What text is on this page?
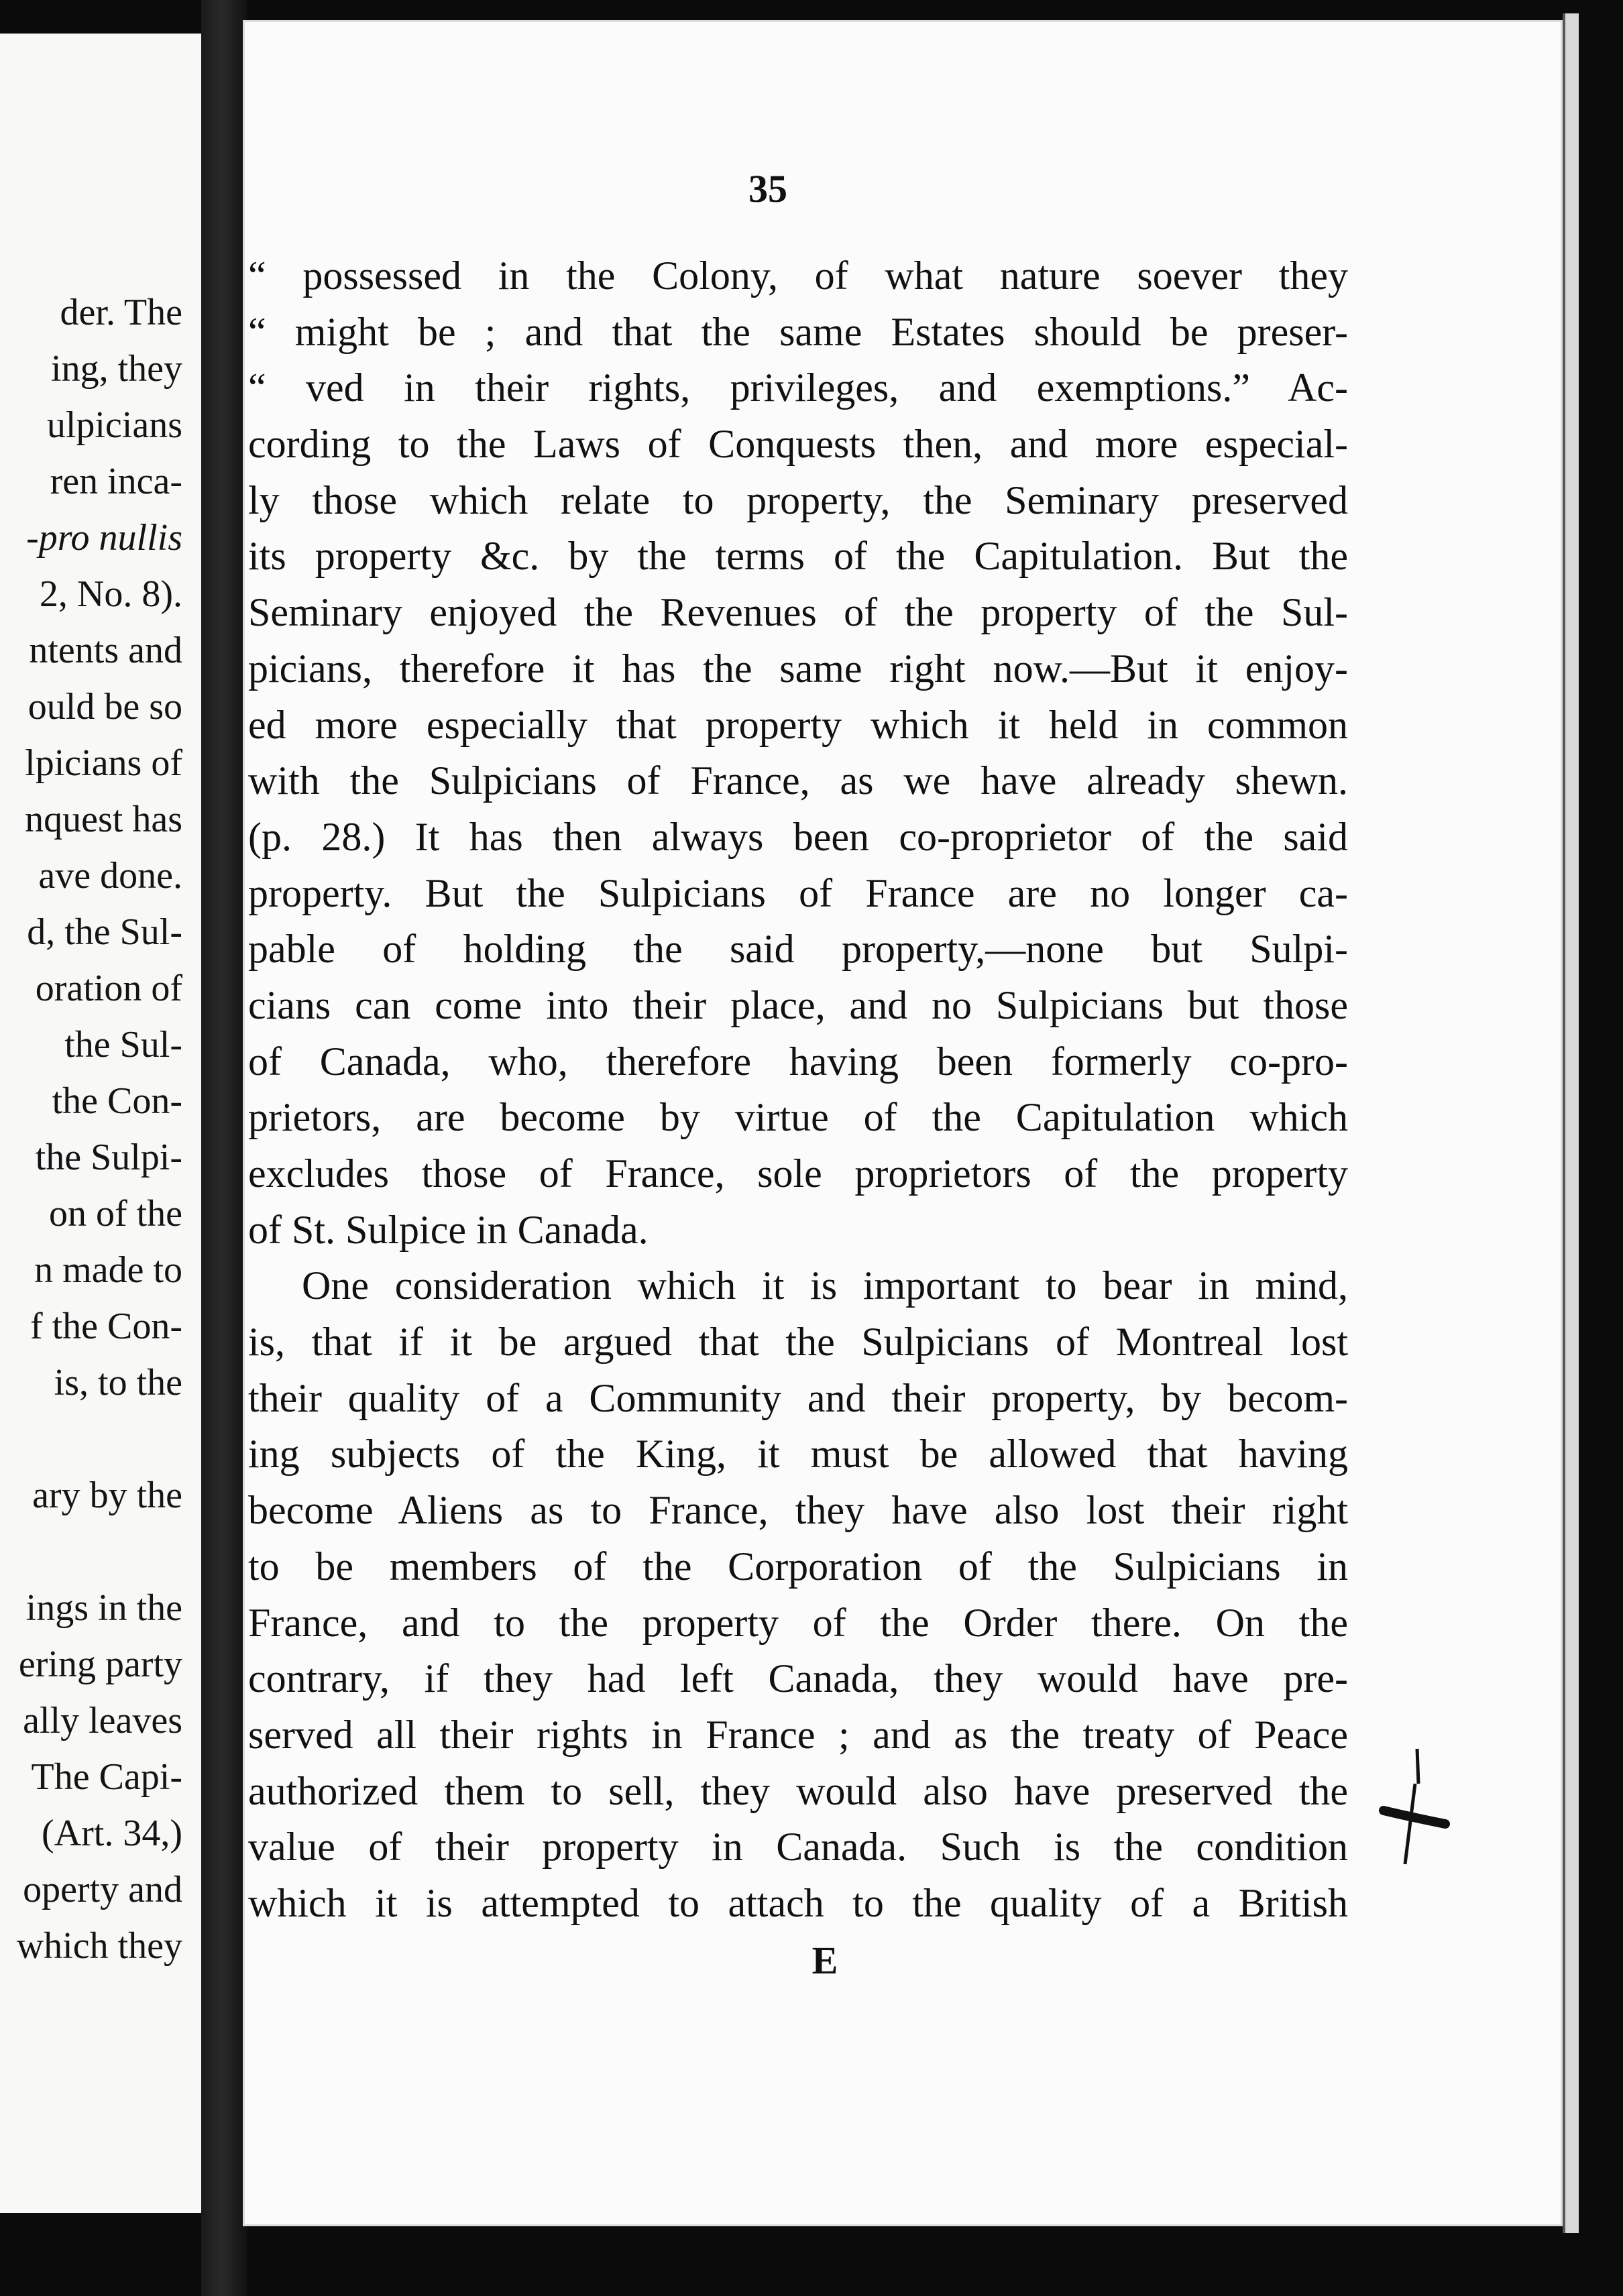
der. The
ing, they
ulpicians
ren inca-
-pro nullis
2, No. 8).
ntents and
ould be so
lpicians of
nquest has
ave done.
d, the Sul-
oration of
the Sul-
the Con-
the Sulpi-
on of the
n made to
f the Con-
is, to the
ary by the
ings in the
ering party
ally leaves
The Capi-
(Art. 34,)
operty and
which they
35
“ possessed in the Colony, of what nature soever they
“ might be ; and that the same Estates should be preser-
“ ved in their rights, privileges, and exemptions.” Ac-
cording to the Laws of Conquests then, and more especial-
ly those which relate to property, the Seminary preserved
its property &c. by the terms of the Capitulation. But the
Seminary enjoyed the Revenues of the property of the Sul-
picians, therefore it has the same right now.—But it enjoy-
ed more especially that property which it held in common
with the Sulpicians of France, as we have already shewn.
(p. 28.) It has then always been co-proprietor of the said
property. But the Sulpicians of France are no longer ca-
pable of holding the said property,—none but Sulpi-
cians can come into their place, and no Sulpicians but those
of Canada, who, therefore having been formerly co-pro-
prietors, are become by virtue of the Capitulation which
excludes those of France, sole proprietors of the property
of St. Sulpice in Canada.
One consideration which it is important to bear in mind,
is, that if it be argued that the Sulpicians of Montreal lost
their quality of a Community and their property, by becom-
ing subjects of the King, it must be allowed that having
become Aliens as to France, they have also lost their right
to be members of the Corporation of the Sulpicians in
France, and to the property of the Order there. On the
contrary, if they had left Canada, they would have pre-
served all their rights in France ; and as the treaty of Peace
authorized them to sell, they would also have preserved the
value of their property in Canada. Such is the condition
which it is attempted to attach to the quality of a British
E
